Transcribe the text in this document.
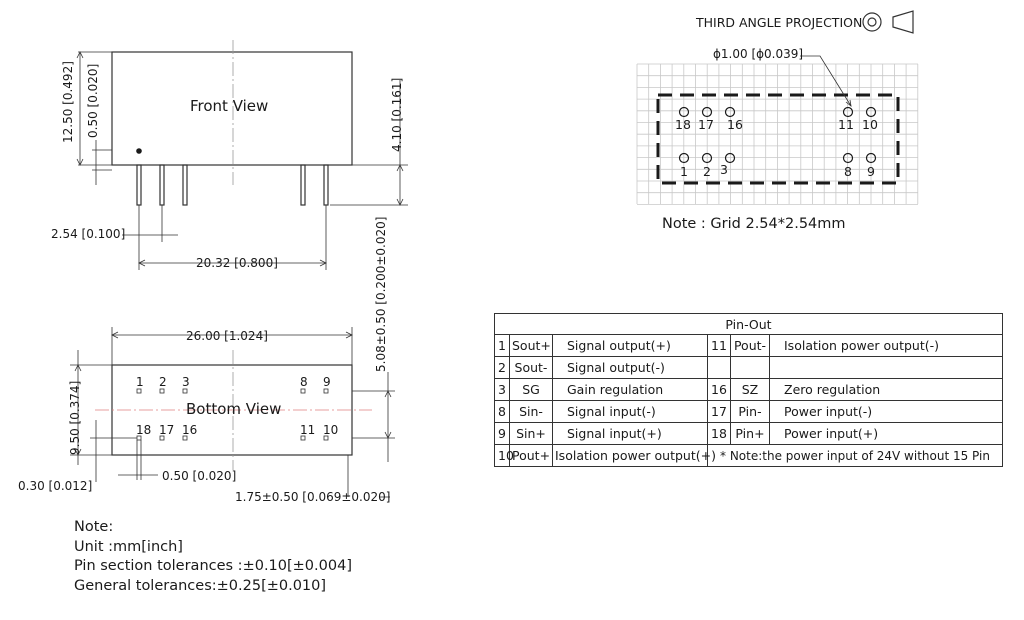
THIRD ANGLE PROJECTION
Front View
12.50 [0.492] 0.50 [0.020]	4.10 [0.161]
2.54 [0.100]
20.32 [0.800]
Bottom View
1 2 3	8 9
18 17 16	11 10
26.00 [1.024]
9.50 [0.374]
0.30 [0.012]
0.50 [0.020]
1.75±0.50 [0.069±0.020]
5.08±0.50 [0.200±0.020]
ϕ1.00 [ϕ0.039]
18 17 16	11 10
1 2 3	8 9
Note : Grid 2.54*2.54mm
Pin-Out					
1	Sout+	Signal output(+)	11	Pout-	Isolation power output(-)
2	Sout-	Signal output(-)			
3	SG	Gain regulation	16	SZ	Zero regulation
8	Sin-	Signal input(-)	17	Pin-	Power input(-)
9	Sin+	Signal input(+)	18	Pin+	Power input(+)
10	Pout+	Isolation power output(+)	* Note:the power input of 24V without 15 Pin		
Note:
Unit :mm[inch]
Pin section tolerances :±0.10[±0.004]
General tolerances:±0.25[±0.010]
